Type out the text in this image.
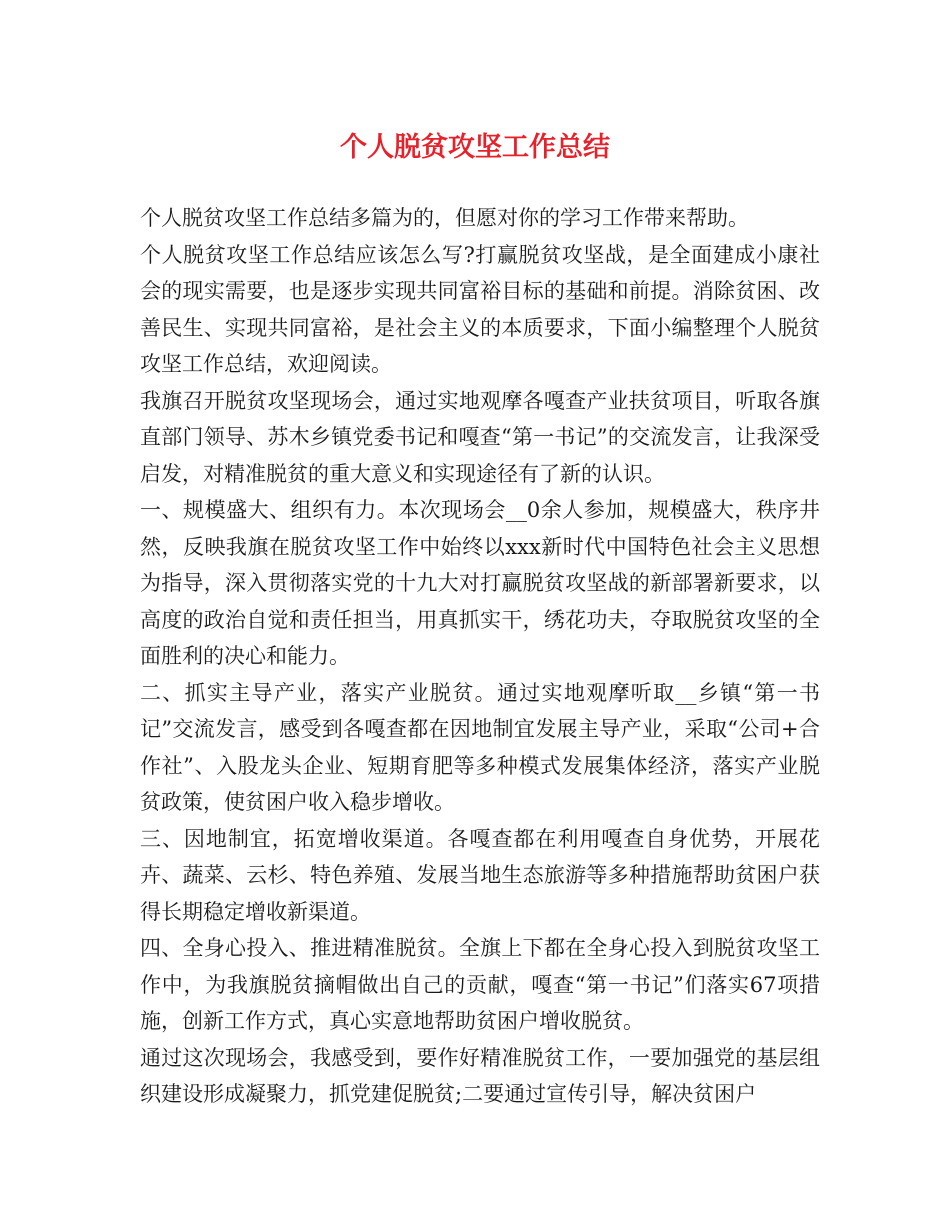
个人脱贫攻坚工作总结

个人脱贫攻坚工作总结多篇为的，但愿对你的学习工作带来帮助。

个人脱贫攻坚工作总结应该怎么写?打赢脱贫攻坚战，是全面建成小康社会的现实需要，也是逐步实现共同富裕目标的基础和前提。消除贫困、改善民生、实现共同富裕，是社会主义的本质要求，下面小编整理个人脱贫攻坚工作总结，欢迎阅读。

我旗召开脱贫攻坚现场会，通过实地观摩各嘎查产业扶贫项目，听取各旗直部门领导、苏木乡镇党委书记和嘎查“第一书记”的交流发言，让我深受启发，对精准脱贫的重大意义和实现途径有了新的认识。

一、规模盛大、组织有力。本次现场会__0余人参加，规模盛大，秩序井然，反映我旗在脱贫攻坚工作中始终以xxx新时代中国特色社会主义思想为指导，深入贯彻落实党的十九大对打赢脱贫攻坚战的新部署新要求，以高度的政治自觉和责任担当，用真抓实干，绣花功夫，夺取脱贫攻坚的全面胜利的决心和能力。

二、抓实主导产业，落实产业脱贫。通过实地观摩听取__乡镇“第一书记”交流发言，感受到各嘎查都在因地制宜发展主导产业，采取“公司+合作社”、入股龙头企业、短期育肥等多种模式发展集体经济，落实产业脱贫政策，使贫困户收入稳步增收。

三、因地制宜，拓宽增收渠道。各嘎查都在利用嘎查自身优势，开展花卉、蔬菜、云杉、特色养殖、发展当地生态旅游等多种措施帮助贫困户获得长期稳定增收新渠道。

四、全身心投入、推进精准脱贫。全旗上下都在全身心投入到脱贫攻坚工作中，为我旗脱贫摘帽做出自己的贡献，嘎查“第一书记”们落实67项措施，创新工作方式，真心实意地帮助贫困户增收脱贫。

通过这次现场会，我感受到，要作好精准脱贫工作，一要加强党的基层组织建设形成凝聚力，抓党建促脱贫;二要通过宣传引导，解决贫困户
